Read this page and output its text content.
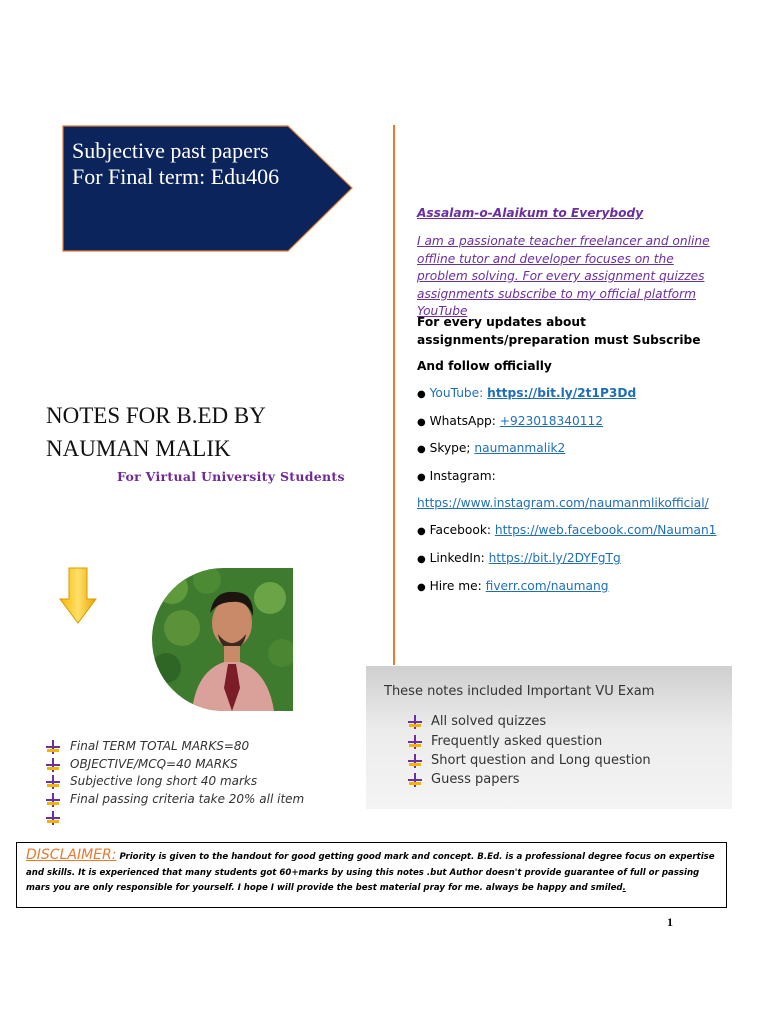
Subjective past papers
For Final term: Edu406
Assalam-o-Alaikum to Everybody
I am a passionate teacher freelancer and online offline tutor and developer focuses on the problem solving. For every assignment quizzes assignments subscribe to my official platform YouTube
For every updates about assignments/preparation must Subscribe
And follow officially
● YouTube: https://bit.ly/2t1P3Dd
● WhatsApp: +923018340112
● Skype; naumanmalik2
● Instagram:
https://www.instagram.com/naumanmlikofficial/
● Facebook: https://web.facebook.com/Nauman1
● LinkedIn: https://bit.ly/2DYFgTg
● Hire me: fiverr.com/naumang
NOTES FOR B.ED BY
NAUMAN MALIK
For Virtual University Students
Final TERM TOTAL MARKS=80
OBJECTIVE/MCQ=40 MARKS
Subjective long short 40 marks
Final passing criteria take 20% all item
These notes included Important VU Exam
All solved quizzes
Frequently asked question
Short question and Long question
Guess papers
DISCLAIMER: Priority is given to the handout for good getting good mark and concept. B.Ed. is a professional degree focus on expertise and skills. It is experienced that many students got 60+marks by using this notes .but Author doesn't provide guarantee of full or passing mars you are only responsible for yourself. I hope I will provide the best material pray for me. always be happy and smiled.
1
